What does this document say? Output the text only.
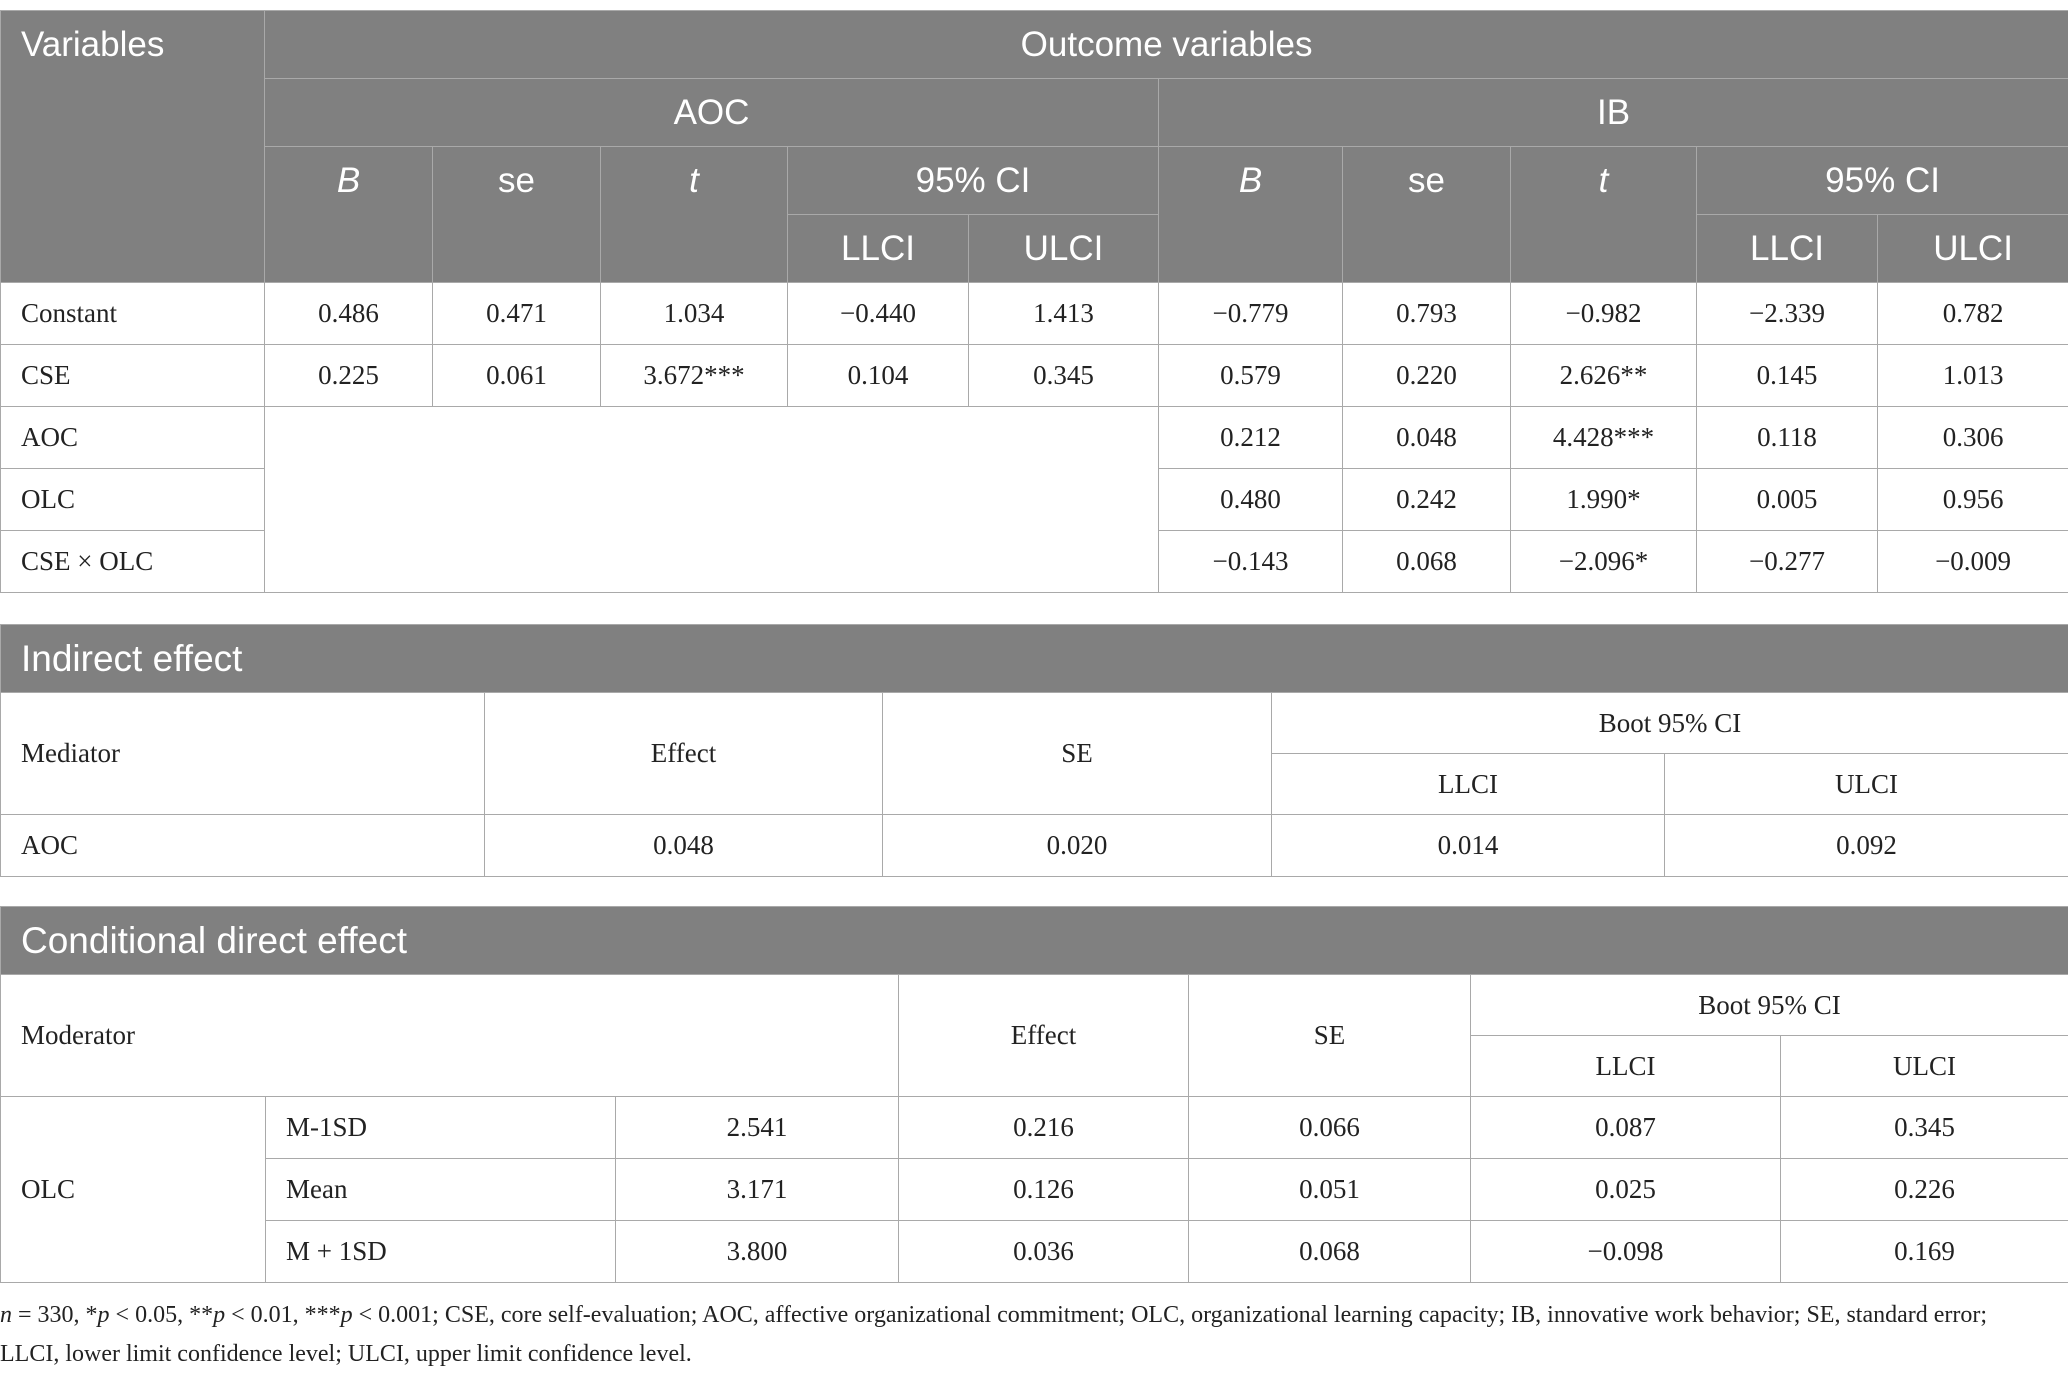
Variables	Outcome variables									
	AOC					IB				
	B	se	t	95% CI		B	se	t	95% CI	
				LLCI	ULCI				LLCI	ULCI
Constant	0.486	0.471	1.034	−0.440	1.413	−0.779	0.793	−0.982	−2.339	0.782
CSE	0.225	0.061	3.672***	0.104	0.345	0.579	0.220	2.626**	0.145	1.013
AOC						0.212	0.048	4.428***	0.118	0.306
OLC						0.480	0.242	1.990*	0.005	0.956
CSE × OLC						−0.143	0.068	−2.096*	−0.277	−0.009
Indirect effect				
Mediator	Effect	SE	Boot 95% CI	
			LLCI	ULCI
AOC	0.048	0.020	0.014	0.092
Conditional direct effect						
Moderator			Effect	SE	Boot 95% CI	
					LLCI	ULCI
OLC	M-1SD	2.541	0.216	0.066	0.087	0.345
	Mean	3.171	0.126	0.051	0.025	0.226
	M + 1SD	3.800	0.036	0.068	−0.098	0.169
n = 330, *p < 0.05, **p < 0.01, ***p < 0.001; CSE, core self-evaluation; AOC, affective organizational commitment; OLC, organizational learning capacity; IB, innovative work behavior; SE, standard error; LLCI, lower limit confidence level; ULCI, upper limit confidence level.
